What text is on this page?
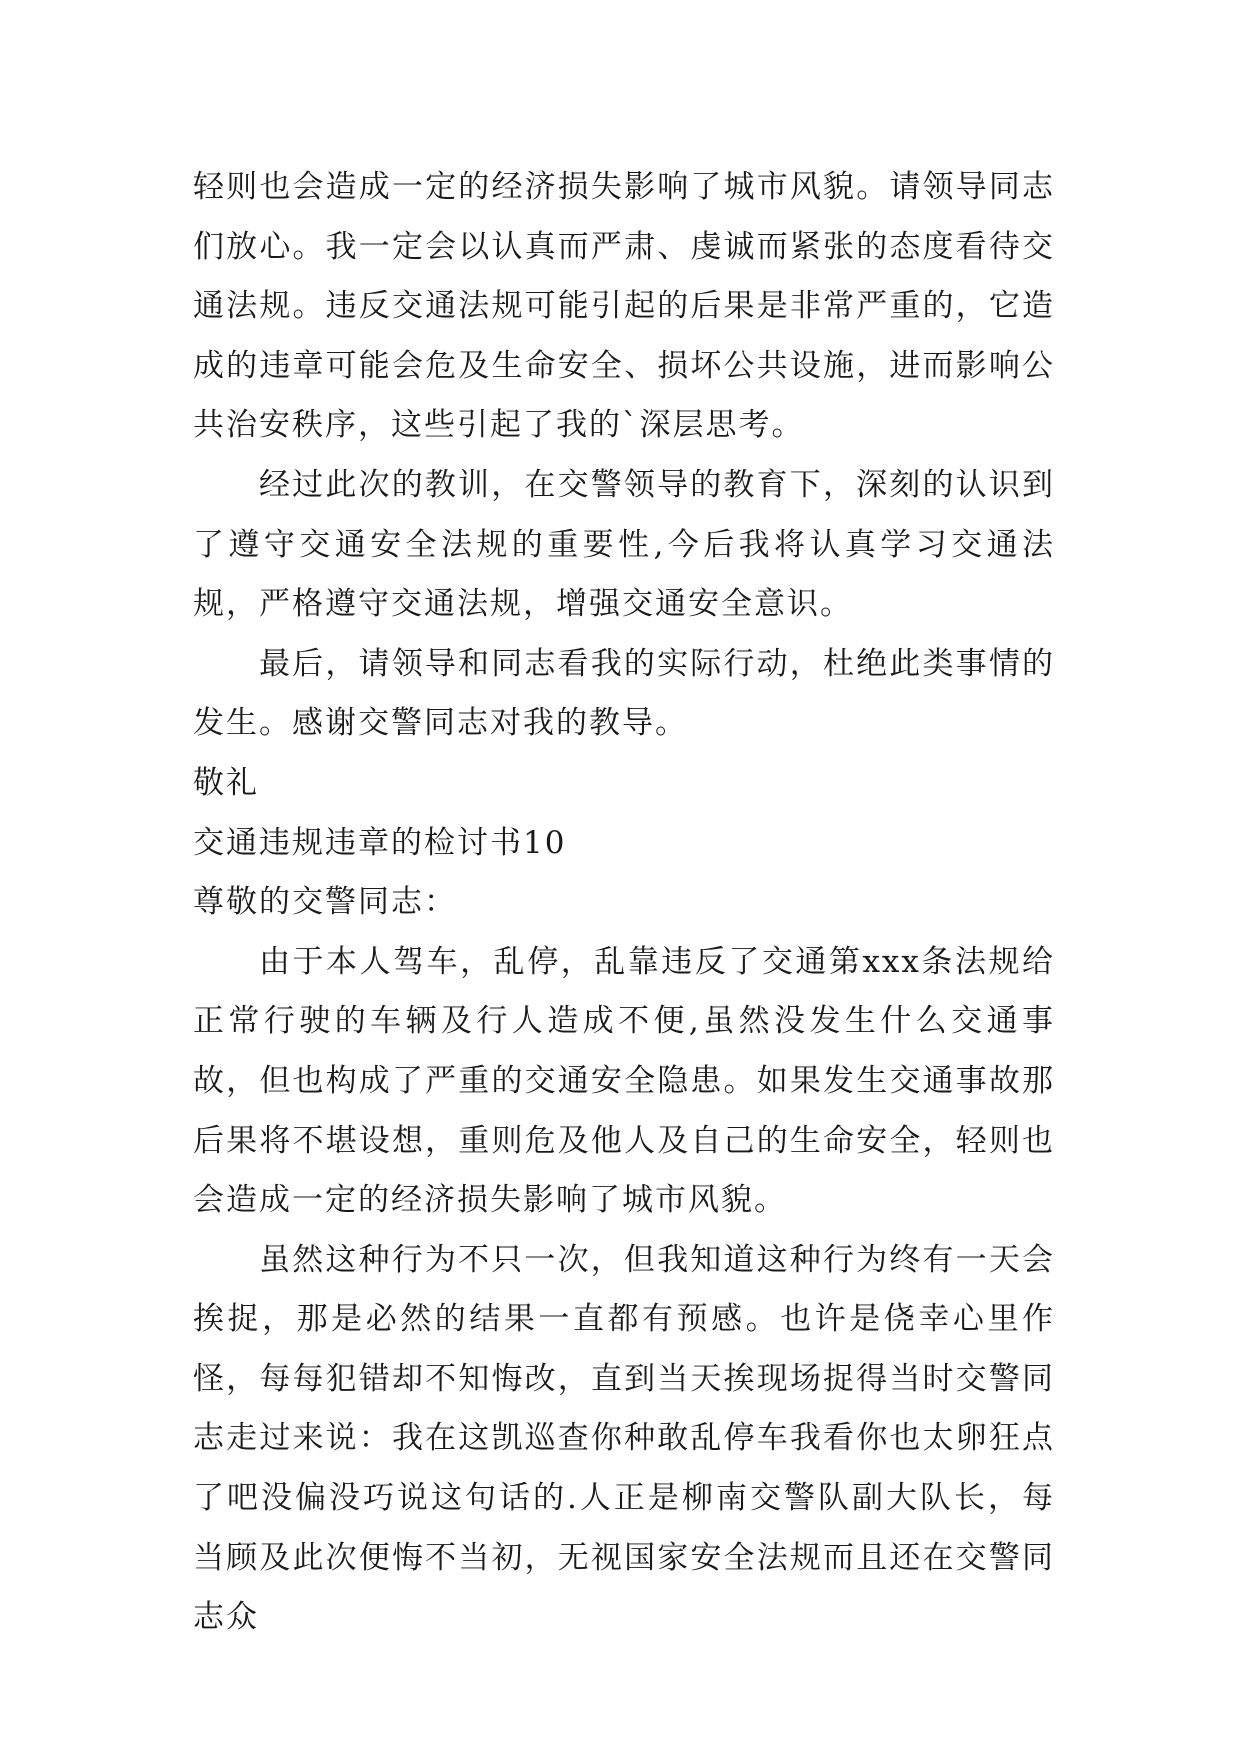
轻则也会造成一定的经济损失影响了城市风貌。请领导同志们放心。我一定会以认真而严肃、虔诚而紧张的态度看待交通法规。违反交通法规可能引起的后果是非常严重的，它造成的违章可能会危及生命安全、损坏公共设施，进而影响公共治安秩序，这些引起了我的`深层思考。

经过此次的教训，在交警领导的教育下，深刻的认识到了遵守交通安全法规的重要性,今后我将认真学习交通法规，严格遵守交通法规，增强交通安全意识。

最后，请领导和同志看我的实际行动，杜绝此类事情的发生。感谢交警同志对我的教导。

敬礼

交通违规违章的检讨书10

尊敬的交警同志：

由于本人驾车，乱停，乱靠违反了交通第xxx条法规给正常行驶的车辆及行人造成不便,虽然没发生什么交通事故，但也构成了严重的交通安全隐患。如果发生交通事故那后果将不堪设想，重则危及他人及自己的生命安全，轻则也会造成一定的经济损失影响了城市风貌。

虽然这种行为不只一次，但我知道这种行为终有一天会挨捉，那是必然的结果一直都有预感。也许是侥幸心里作怪，每每犯错却不知悔改，直到当天挨现场捉得当时交警同志走过来说：我在这凯巡查你种敢乱停车我看你也太卵狂点了吧没偏没巧说这句话的.人正是柳南交警队副大队长，每当顾及此次便悔不当初，无视国家安全法规而且还在交警同志众
